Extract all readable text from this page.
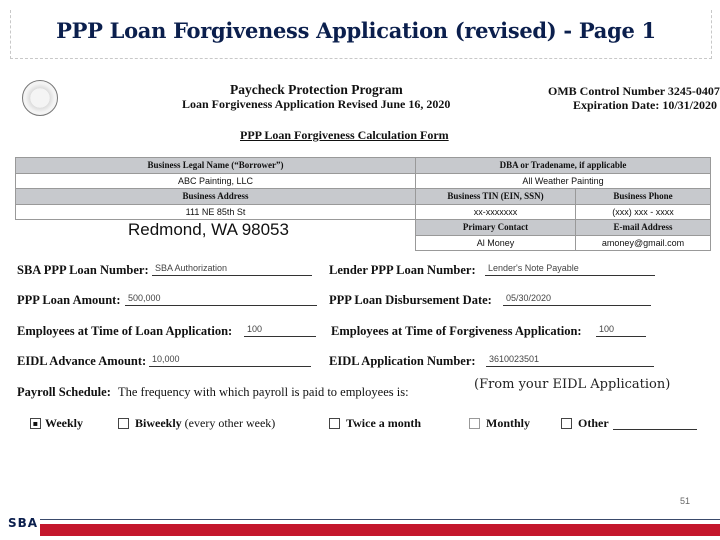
PPP Loan Forgiveness Application (revised) - Page 1
Paycheck Protection Program
Loan Forgiveness Application Revised June 16, 2020
OMB Control Number 3245-0407
Expiration Date: 10/31/2020
PPP Loan Forgiveness Calculation Form
Business Legal Name (“Borrower”)	DBA or Tradename, if applicable	
ABC Painting, LLC	All Weather Painting	
Business Address	Business TIN (EIN, SSN)	Business Phone
111 NE 85th St	xx-xxxxxxx	(xxx) xxx - xxxx
	Primary Contact	E-mail Address
	Al Money	amoney@gmail.com
Redmond, WA 98053
SBA PPP Loan Number: SBA Authorization	Lender PPP Loan Number:	Lender's Note Payable
PPP Loan Amount: 500,000	PPP Loan Disbursement Date:	05/30/2020
Employees at Time of Loan Application:	100	Employees at Time of Forgiveness Application:	100
EIDL Advance Amount: 10,000	EIDL Application Number:	3610023501
(From your EIDL Application)
Payroll Schedule: The frequency with which payroll is paid to employees is:
▪ Weekly	Biweekly (every other week)	Twice a month	Monthly	Other
51
SBA
